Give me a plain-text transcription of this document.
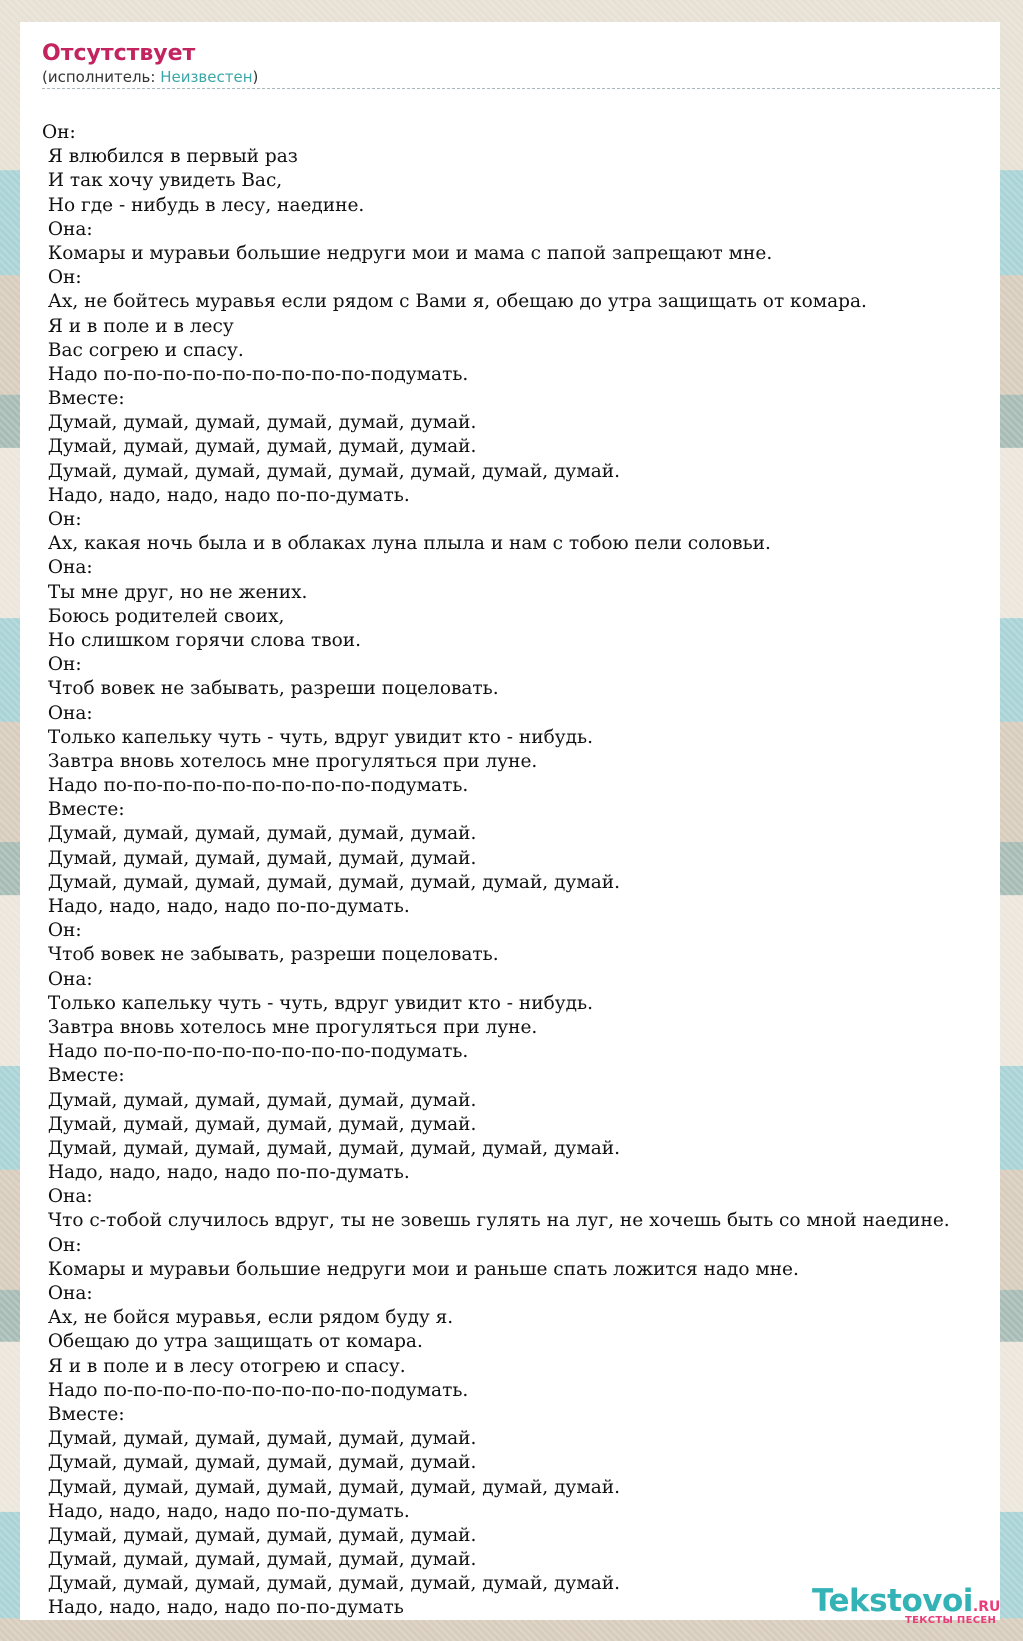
Отсутствует
(исполнитель: Неизвестен)
Он:
Я влюбился в первый раз
И так хочу увидеть Вас,
Но где - нибудь в лесу, наедине.
Она:
Комары и муравьи большие недруги мои и мама с папой запрещают мне.
Он:
Ах, не бойтесь муравья если рядом с Вами я, обещаю до утра защищать от комара.
Я и в поле и в лесу
Вас согрею и спасу.
Надо по-по-по-по-по-по-по-по-по-подумать.
Вместе:
Думай, думай, думай, думай, думай, думай.
Думай, думай, думай, думай, думай, думай.
Думай, думай, думай, думай, думай, думай, думай, думай.
Надо, надо, надо, надо по-по-думать.
Он:
Ах, какая ночь была и в облаках луна плыла и нам с тобою пели соловьи.
Она:
Ты мне друг, но не жених.
Боюсь родителей своих,
Но слишком горячи слова твои.
Он:
Чтоб вовек не забывать, разреши поцеловать.
Она:
Только капельку чуть - чуть, вдруг увидит кто - нибудь.
Завтра вновь хотелось мне прогуляться при луне.
Надо по-по-по-по-по-по-по-по-по-подумать.
Вместе:
Думай, думай, думай, думай, думай, думай.
Думай, думай, думай, думай, думай, думай.
Думай, думай, думай, думай, думай, думай, думай, думай.
Надо, надо, надо, надо по-по-думать.
Он:
Чтоб вовек не забывать, разреши поцеловать.
Она:
Только капельку чуть - чуть, вдруг увидит кто - нибудь.
Завтра вновь хотелось мне прогуляться при луне.
Надо по-по-по-по-по-по-по-по-по-подумать.
Вместе:
Думай, думай, думай, думай, думай, думай.
Думай, думай, думай, думай, думай, думай.
Думай, думай, думай, думай, думай, думай, думай, думай.
Надо, надо, надо, надо по-по-думать.
Она:
Что с-тобой случилось вдруг, ты не зовешь гулять на луг, не хочешь быть со мной наедине.
Он:
Комары и муравьи большие недруги мои и раньше спать ложится надо мне.
Она:
Ах, не бойся муравья, если рядом буду я.
Обещаю до утра защищать от комара.
Я и в поле и в лесу отогрею и спасу.
Надо по-по-по-по-по-по-по-по-по-подумать.
Вместе:
Думай, думай, думай, думай, думай, думай.
Думай, думай, думай, думай, думай, думай.
Думай, думай, думай, думай, думай, думай, думай, думай.
Надо, надо, надо, надо по-по-думать.
Думай, думай, думай, думай, думай, думай.
Думай, думай, думай, думай, думай, думай.
Думай, думай, думай, думай, думай, думай, думай, думай.
Надо, надо, надо, надо по-по-думать	Tekstovoi.RU
ТЕКСТЫ ПЕСЕН
